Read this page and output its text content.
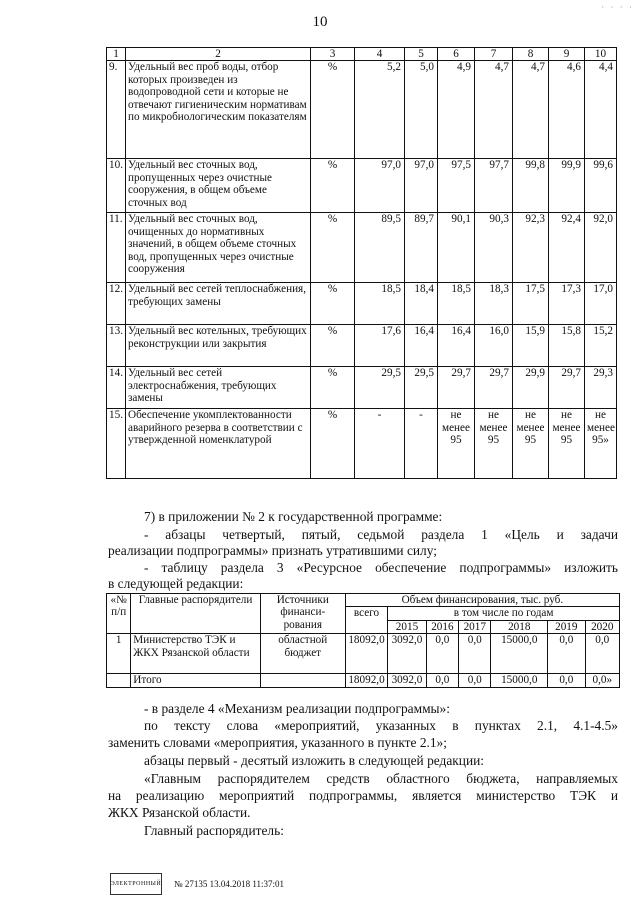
10
· · · ·
1	2	3	4	5	6	7	8	9	10
9.	Удельный вес проб воды, отбор которых произведен из водопроводной сети и которые не отвечают гигиеническим нормативам по микробиологическим показателям	%	5,2	5,0	4,9	4,7	4,7	4,6	4,4
10.	Удельный вес сточных вод, пропущенных через очистные сооружения, в общем объеме сточных вод	%	97,0	97,0	97,5	97,7	99,8	99,9	99,6
11.	Удельный вес сточных вод, очищенных до нормативных значений, в общем объеме сточных вод, пропущенных через очистные сооружения	%	89,5	89,7	90,1	90,3	92,3	92,4	92,0
12.	Удельный вес сетей теплоснабжения, требующих замены	%	18,5	18,4	18,5	18,3	17,5	17,3	17,0
13.	Удельный вес котельных, требующих реконструкции или закрытия	%	17,6	16,4	16,4	16,0	15,9	15,8	15,2
14.	Удельный вес сетей электроснабжения, требующих замены	%	29,5	29,5	29,7	29,7	29,9	29,7	29,3
15.	Обеспечение укомплектованности аварийного резерва в соответствии с утвержденной номенклатурой	%	-	-	не менее 95	не менее 95	не менее 95	не менее 95	не менее 95»
7) в приложении № 2 к государственной программе:
- абзацы четвертый, пятый, седьмой раздела 1 «Цель и задачи
реализации подпрограммы» признать утратившими силу;
- таблицу раздела 3 «Ресурсное обеспечение подпрограммы» изложить
в следующей редакции:
«№ п/п	Главные распорядители	Источники финанси-рования	Объем финансирования, тыс. руб.						
			всего	в том числе по годам					
				2015	2016	2017	2018	2019	2020
1	Министерство ТЭК и ЖКХ Рязанской области	областной бюджет	18092,0	3092,0	0,0	0,0	15000,0	0,0	0,0
	Итого		18092,0	3092,0	0,0	0,0	15000,0	0,0	0,0»
- в разделе 4 «Механизм реализации подпрограммы»:
по тексту слова «мероприятий, указанных в пунктах 2.1, 4.1-4.5»
заменить словами «мероприятия, указанного в пункте 2.1»;
абзацы первый - десятый изложить в следующей редакции:
«Главным распорядителем средств областного бюджета, направляемых
на реализацию мероприятий подпрограммы, является министерство ТЭК и
ЖКХ Рязанской области.
Главный распорядитель:
ЭЛЕКТРОННЫЙ № 27135 13.04.2018 11:37:01
